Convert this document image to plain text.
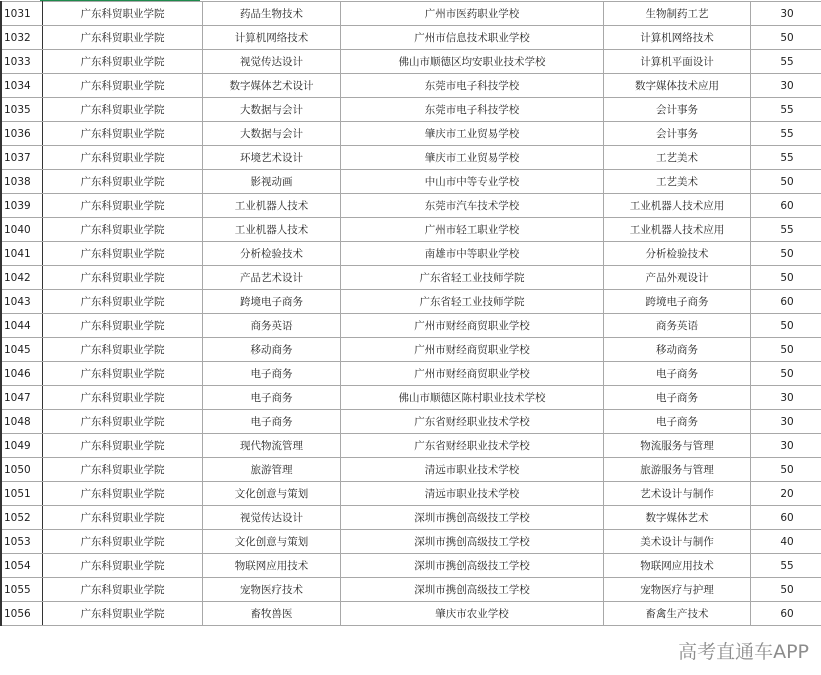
1031	广东科贸职业学院	药品生物技术	广州市医药职业学校	生物制药工艺	30
1032	广东科贸职业学院	计算机网络技术	广州市信息技术职业学校	计算机网络技术	50
1033	广东科贸职业学院	视觉传达设计	佛山市顺德区均安职业技术学校	计算机平面设计	55
1034	广东科贸职业学院	数字媒体艺术设计	东莞市电子科技学校	数字媒体技术应用	30
1035	广东科贸职业学院	大数据与会计	东莞市电子科技学校	会计事务	55
1036	广东科贸职业学院	大数据与会计	肇庆市工业贸易学校	会计事务	55
1037	广东科贸职业学院	环境艺术设计	肇庆市工业贸易学校	工艺美术	55
1038	广东科贸职业学院	影视动画	中山市中等专业学校	工艺美术	50
1039	广东科贸职业学院	工业机器人技术	东莞市汽车技术学校	工业机器人技术应用	60
1040	广东科贸职业学院	工业机器人技术	广州市轻工职业学校	工业机器人技术应用	55
1041	广东科贸职业学院	分析检验技术	南雄市中等职业学校	分析检验技术	50
1042	广东科贸职业学院	产品艺术设计	广东省轻工业技师学院	产品外观设计	50
1043	广东科贸职业学院	跨境电子商务	广东省轻工业技师学院	跨境电子商务	60
1044	广东科贸职业学院	商务英语	广州市财经商贸职业学校	商务英语	50
1045	广东科贸职业学院	移动商务	广州市财经商贸职业学校	移动商务	50
1046	广东科贸职业学院	电子商务	广州市财经商贸职业学校	电子商务	50
1047	广东科贸职业学院	电子商务	佛山市顺德区陈村职业技术学校	电子商务	30
1048	广东科贸职业学院	电子商务	广东省财经职业技术学校	电子商务	30
1049	广东科贸职业学院	现代物流管理	广东省财经职业技术学校	物流服务与管理	30
1050	广东科贸职业学院	旅游管理	清远市职业技术学校	旅游服务与管理	50
1051	广东科贸职业学院	文化创意与策划	清远市职业技术学校	艺术设计与制作	20
1052	广东科贸职业学院	视觉传达设计	深圳市携创高级技工学校	数字媒体艺术	60
1053	广东科贸职业学院	文化创意与策划	深圳市携创高级技工学校	美术设计与制作	40
1054	广东科贸职业学院	物联网应用技术	深圳市携创高级技工学校	物联网应用技术	55
1055	广东科贸职业学院	宠物医疗技术	深圳市携创高级技工学校	宠物医疗与护理	50
1056	广东科贸职业学院	畜牧兽医	肇庆市农业学校	畜禽生产技术	60
高考直通车APP
